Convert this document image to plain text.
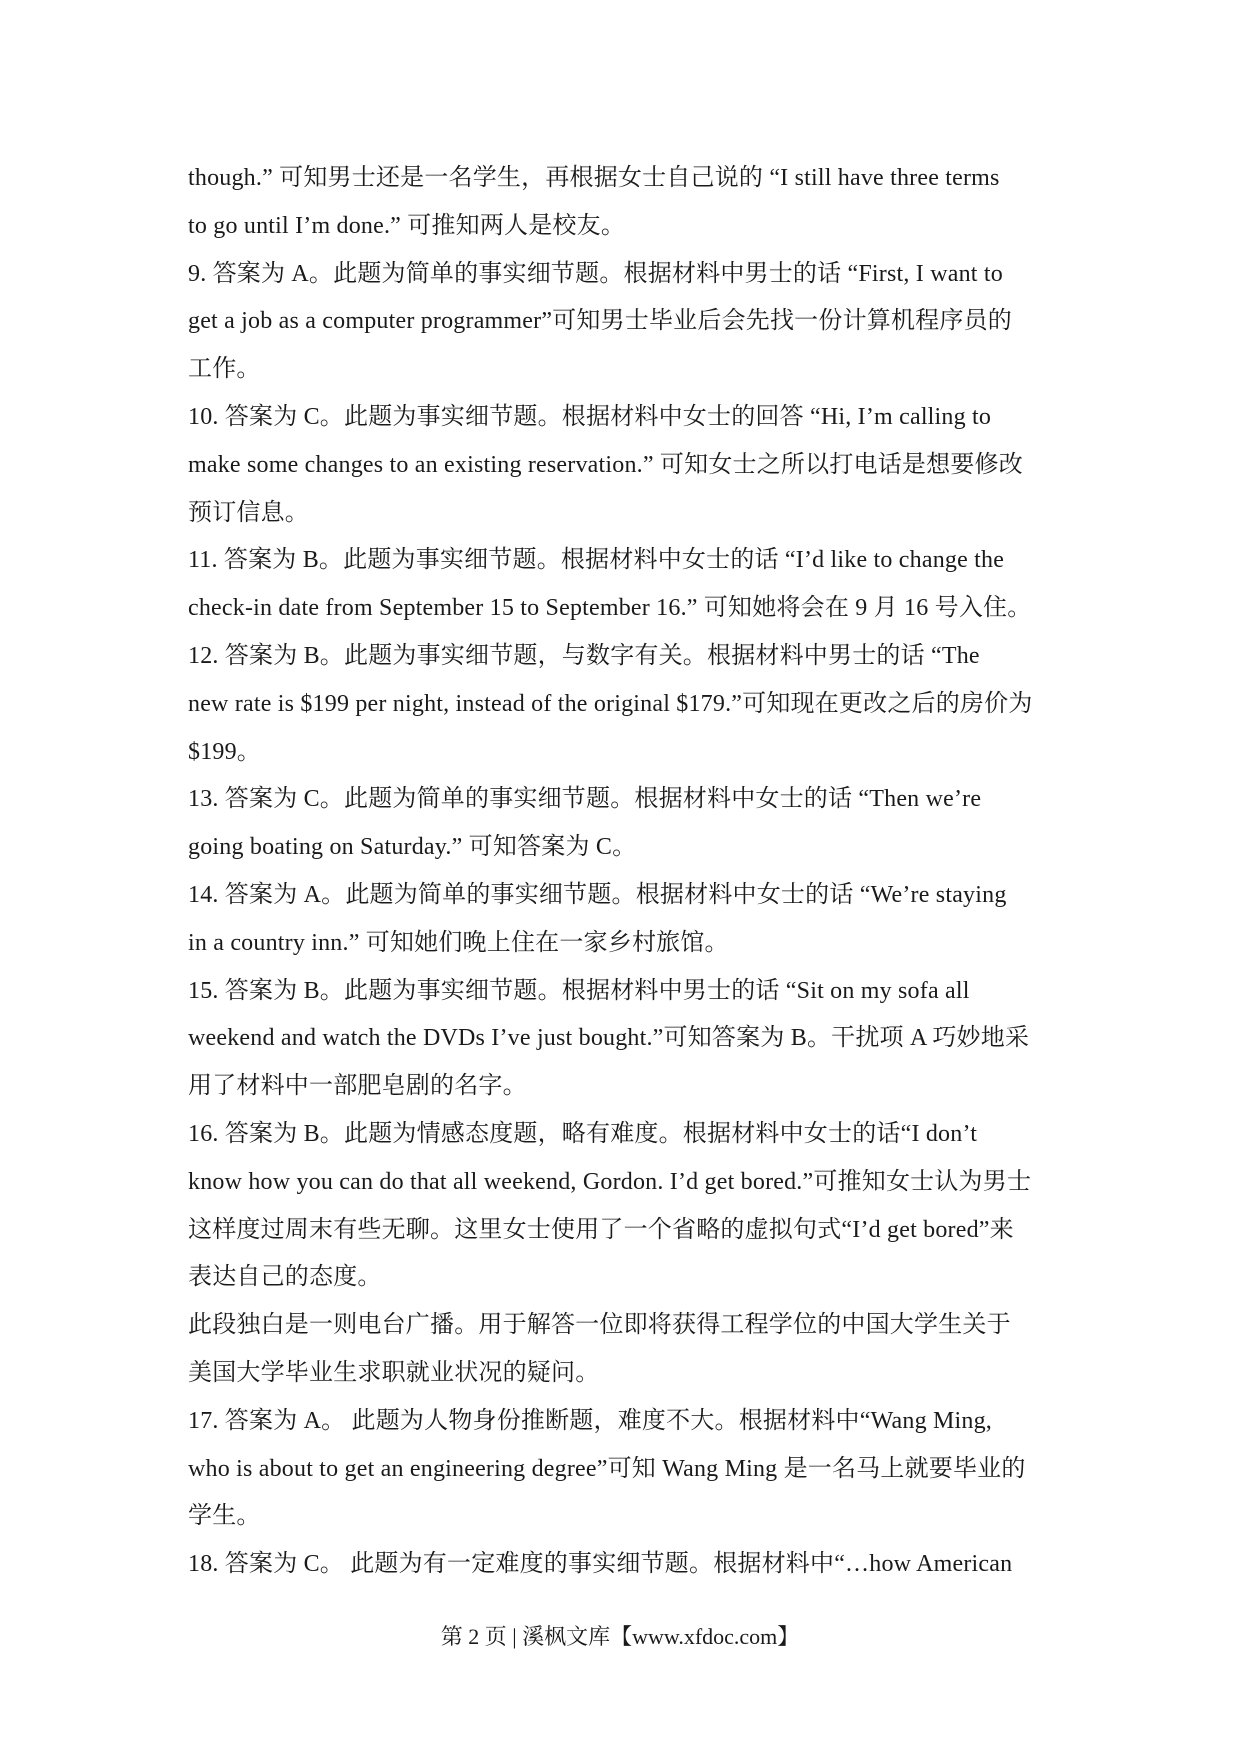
though.” 可知男士还是一名学生，再根据女士自己说的 “I still have three terms
to go until I’m done.” 可推知两人是校友。
9. 答案为 A。此题为简单的事实细节题。根据材料中男士的话 “First, I want to
get a job as a computer programmer”可知男士毕业后会先找一份计算机程序员的
工作。
10. 答案为 C。此题为事实细节题。根据材料中女士的回答 “Hi, I’m calling to
make some changes to an existing reservation.” 可知女士之所以打电话是想要修改
预订信息。
11. 答案为 B。此题为事实细节题。根据材料中女士的话 “I’d like to change the
check-in date from September 15 to September 16.” 可知她将会在 9 月 16 号入住。
12. 答案为 B。此题为事实细节题，与数字有关。根据材料中男士的话 “The
new rate is $199 per night, instead of the original $179.”可知现在更改之后的房价为
$199。
13. 答案为 C。此题为简单的事实细节题。根据材料中女士的话 “Then we’re
going boating on Saturday.” 可知答案为 C。
14. 答案为 A。此题为简单的事实细节题。根据材料中女士的话 “We’re staying
in a country inn.” 可知她们晚上住在一家乡村旅馆。
15. 答案为 B。此题为事实细节题。根据材料中男士的话 “Sit on my sofa all
weekend and watch the DVDs I’ve just bought.”可知答案为 B。干扰项 A 巧妙地采
用了材料中一部肥皂剧的名字。
16. 答案为 B。此题为情感态度题，略有难度。根据材料中女士的话“I don’t
know how you can do that all weekend, Gordon. I’d get bored.”可推知女士认为男士
这样度过周末有些无聊。这里女士使用了一个省略的虚拟句式“I’d get bored”来
表达自己的态度。
此段独白是一则电台广播。用于解答一位即将获得工程学位的中国大学生关于
美国大学毕业生求职就业状况的疑问。
17. 答案为 A。 此题为人物身份推断题，难度不大。根据材料中“Wang Ming,
who is about to get an engineering degree”可知 Wang Ming 是一名马上就要毕业的
学生。
18. 答案为 C。 此题为有一定难度的事实细节题。根据材料中“…how American
第 2 页 | 溪枫文库【www.xfdoc.com】
